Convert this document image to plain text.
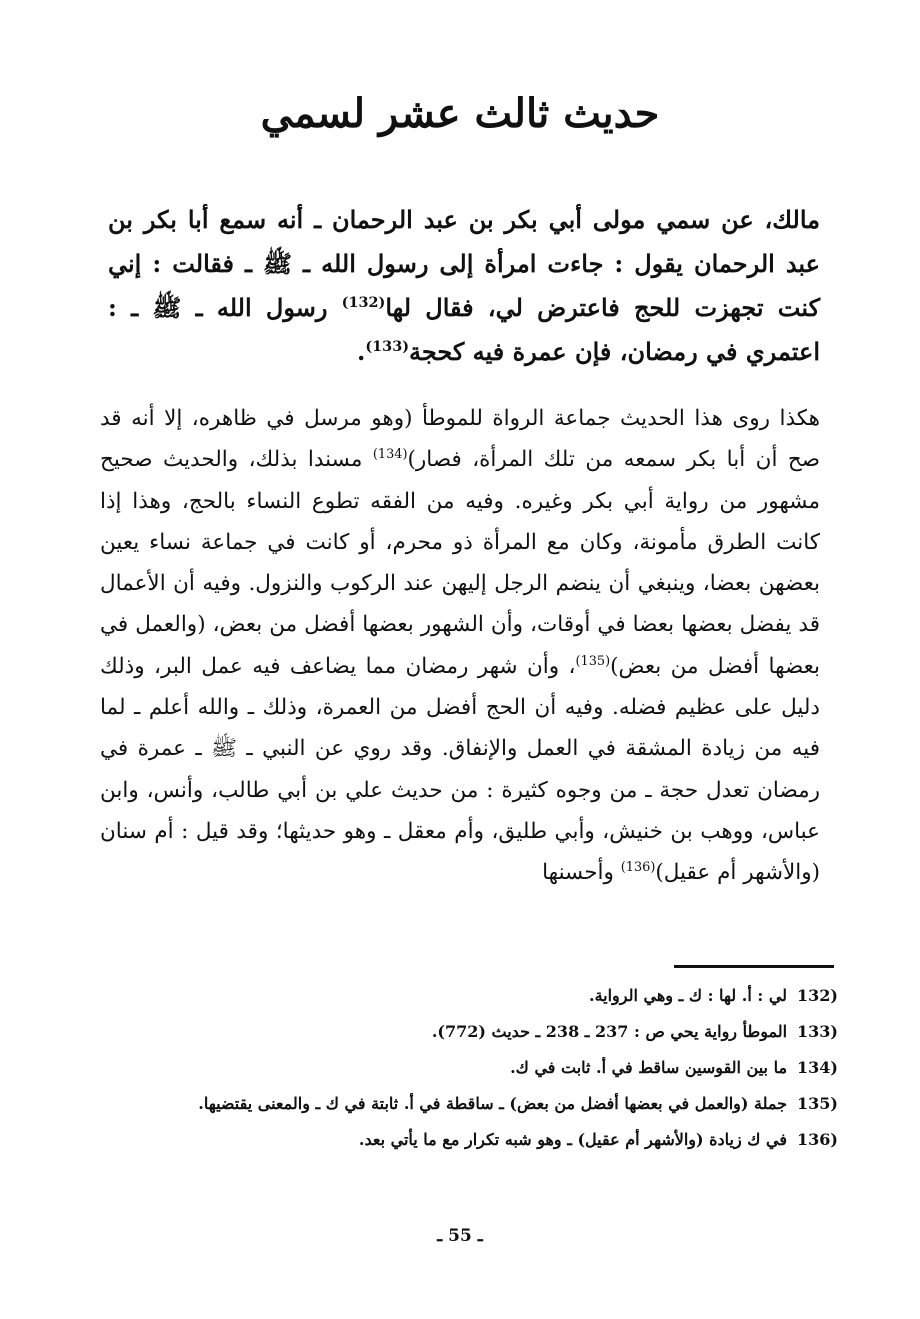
حديث ثالث عشر لسمي

مالك، عن سمي مولى أبي بكر بن عبد الرحمان ـ أنه سمع أبا بكر بن عبد الرحمان يقول : جاءت امرأة إلى رسول الله ـ ﷺ ـ فقالت : إني كنت تجهزت للحج فاعترض لي، فقال لها$^{(132)}$ رسول الله ـ ﷺ ـ : اعتمري في رمضان، فإن عمرة فيه كحجة$^{(133)}$.

هكذا روى هذا الحديث جماعة الرواة للموطأ (وهو مرسل في ظاهره، إلا أنه قد صح أن أبا بكر سمعه من تلك المرأة، فصار)$^{(134)}$ مسندا بذلك، والحديث صحيح مشهور من رواية أبي بكر وغيره. وفيه من الفقه تطوع النساء بالحج، وهذا إذا كانت الطرق مأمونة، وكان مع المرأة ذو محرم، أو كانت في جماعة نساء يعين بعضهن بعضا، وينبغي أن ينضم الرجل إليهن عند الركوب والنزول. وفيه أن الأعمال قد يفضل بعضها بعضا في أوقات، وأن الشهور بعضها أفضل من بعض، (والعمل في بعضها أفضل من بعض)$^{(135)}$، وأن شهر رمضان مما يضاعف فيه عمل البر، وذلك دليل على عظيم فضله. وفيه أن الحج أفضل من العمرة، وذلك ـ والله أعلم ـ لما فيه من زيادة المشقة في العمل والإنفاق. وقد روي عن النبي ـ ﷺ ـ عمرة في رمضان تعدل حجة ـ من وجوه كثيرة : من حديث علي بن أبي طالب، وأنس، وابن عباس، ووهب بن خنيش، وأبي طليق، وأم معقل ـ وهو حديثها؛ وقد قيل : أم سنان (والأشهر أم عقيل)$^{(136)}$ وأحسنها

132)لي : أ. لها : ك ـ وهي الرواية.
133)الموطأ رواية يحي ص : 237 ـ 238 ـ حديث (772).
134)ما بين القوسين ساقط في أ. ثابت في ك.
135)جملة (والعمل في بعضها أفضل من بعض) ـ ساقطة في أ. ثابتة في ك ـ والمعنى يقتضيها.
136)في ك زيادة (والأشهر أم عقيل) ـ وهو شبه تكرار مع ما يأتي بعد.
ـ 55 ـ
